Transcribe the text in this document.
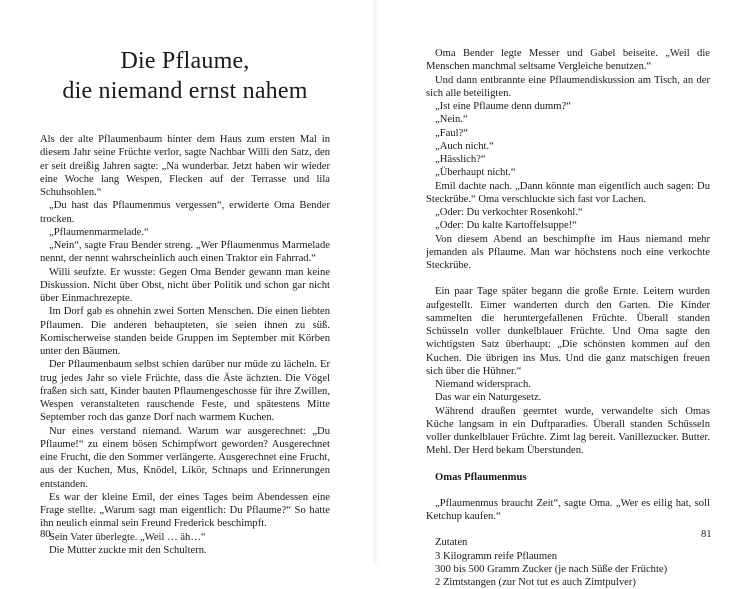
Die Pflaume,
die niemand ernst nahem

Als der alte Pflaumenbaum hinter dem Haus zum ersten Mal in diesem Jahr seine Früchte verlor, sagte Nachbar Willi den Satz, den er seit dreißig Jahren sagte: „Na wunderbar. Jetzt haben wir wieder eine Woche lang Wespen, Flecken auf der Terrasse und lila Schuhsohlen.“

„Du hast das Pflaumenmus vergessen“, erwiderte Oma Bender trocken.

„Pflaumenmarmelade.“

„Nein“, sagte Frau Bender streng. „Wer Pflaumenmus Marmelade nennt, der nennt wahrscheinlich auch einen Traktor ein Fahrrad.“

Willi seufzte. Er wusste: Gegen Oma Bender gewann man keine Diskussion. Nicht über Obst, nicht über Politik und schon gar nicht über Einmachrezepte.

Im Dorf gab es ohnehin zwei Sorten Menschen. Die einen liebten Pflaumen. Die anderen behaupteten, sie seien ihnen zu süß. Komischerweise standen beide Gruppen im September mit Körben unter den Bäumen.

Der Pflaumenbaum selbst schien darüber nur müde zu lächeln. Er trug jedes Jahr so viele Früchte, dass die Äste ächzten. Die Vögel fraßen sich satt, Kinder bauten Pflaumengeschosse für ihre Zwillen, Wespen veranstalteten rauschende Feste, und spätestens Mitte September roch das ganze Dorf nach warmem Kuchen.

Nur eines verstand niemand. Warum war ausgerechnet: „Du Pflaume!“ zu einem bösen Schimpfwort geworden? Ausgerechnet eine Frucht, die den Sommer verlängerte. Ausgerechnet eine Frucht, aus der Kuchen, Mus, Knödel, Likör, Schnaps und Erinnerungen entstanden.

Es war der kleine Emil, der eines Tages beim Abendessen eine Frage stellte. „Warum sagt man eigentlich: Du Pflaume?“ So hatte ihn neulich einmal sein Freund Frederick beschimpft.

Sein Vater überlegte. „Weil … äh…“

Die Mutter zuckte mit den Schultern.

80

Oma Bender legte Messer und Gabel beiseite. „Weil die Menschen manchmal seltsame Vergleiche benutzen.“

Und dann entbrannte eine Pflaumendiskussion am Tisch, an der sich alle beteiligten.

„Ist eine Pflaume denn dumm?“

„Nein.“

„Faul?“

„Auch nicht.“

„Hässlich?“

„Überhaupt nicht.“

Emil dachte nach. „Dann könnte man eigentlich auch sagen: Du Steckrübe.“ Oma verschluckte sich fast vor Lachen.

„Oder: Du verkochter Rosenkohl.“

„Oder: Du kalte Kartoffelsuppe!“

Von diesem Abend an beschimpfte im Haus niemand mehr jemanden als Pflaume. Man war höchstens noch eine verkochte Steckrübe.

Ein paar Tage später begann die große Ernte. Leitern wurden aufgestellt. Eimer wanderten durch den Garten. Die Kinder sammelten die heruntergefallenen Früchte. Überall standen Schüsseln voller dunkelblauer Früchte. Und Oma sagte den wichtigsten Satz überhaupt: „Die schönsten kommen auf den Kuchen. Die übrigen ins Mus. Und die ganz matschigen freuen sich über die Hühner.“

Niemand widersprach.

Das war ein Naturgesetz.

Während draußen geerntet wurde, verwandelte sich Omas Küche langsam in ein Duftparadies. Überall standen Schüsseln voller dunkelblauer Früchte. Zimt lag bereit. Vanillezucker. Butter. Mehl. Der Herd bekam Überstunden.

Omas Pflaumenmus

„Pflaumenmus braucht Zeit“, sagte Oma. „Wer es eilig hat, soll Ketchup kaufen.“

Zutaten

3 Kilogramm reife Pflaumen

300 bis 500 Gramm Zucker (je nach Süße der Früchte)

2 Zimtstangen (zur Not tut es auch Zimtpulver)

81
